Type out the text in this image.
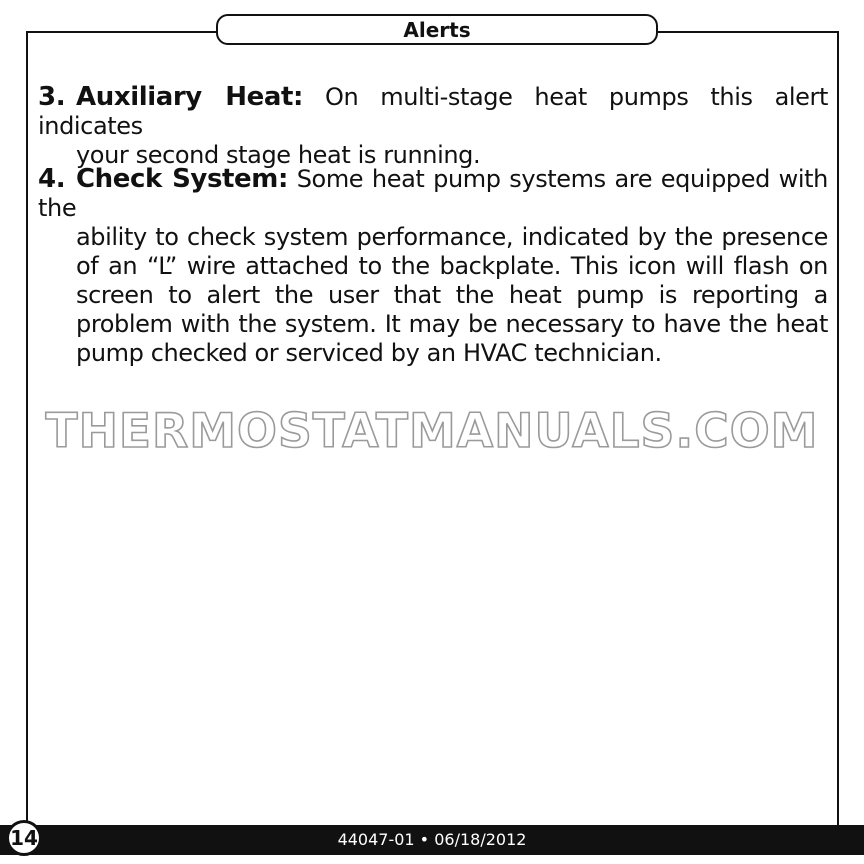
Alerts
3. Auxiliary Heat: On multi-stage heat pumps this alert indicates
your second stage heat is running.
4. Check System: Some heat pump systems are equipped with the
ability to check system performance, indicated by the presence of an “L” wire attached to the backplate. This icon will flash on screen to alert the user that the heat pump is reporting a problem with the system. It may be necessary to have the heat pump checked or serviced by an HVAC technician.
THERMOSTATMANUALS.COM
44047-01 • 06/18/2012
14
